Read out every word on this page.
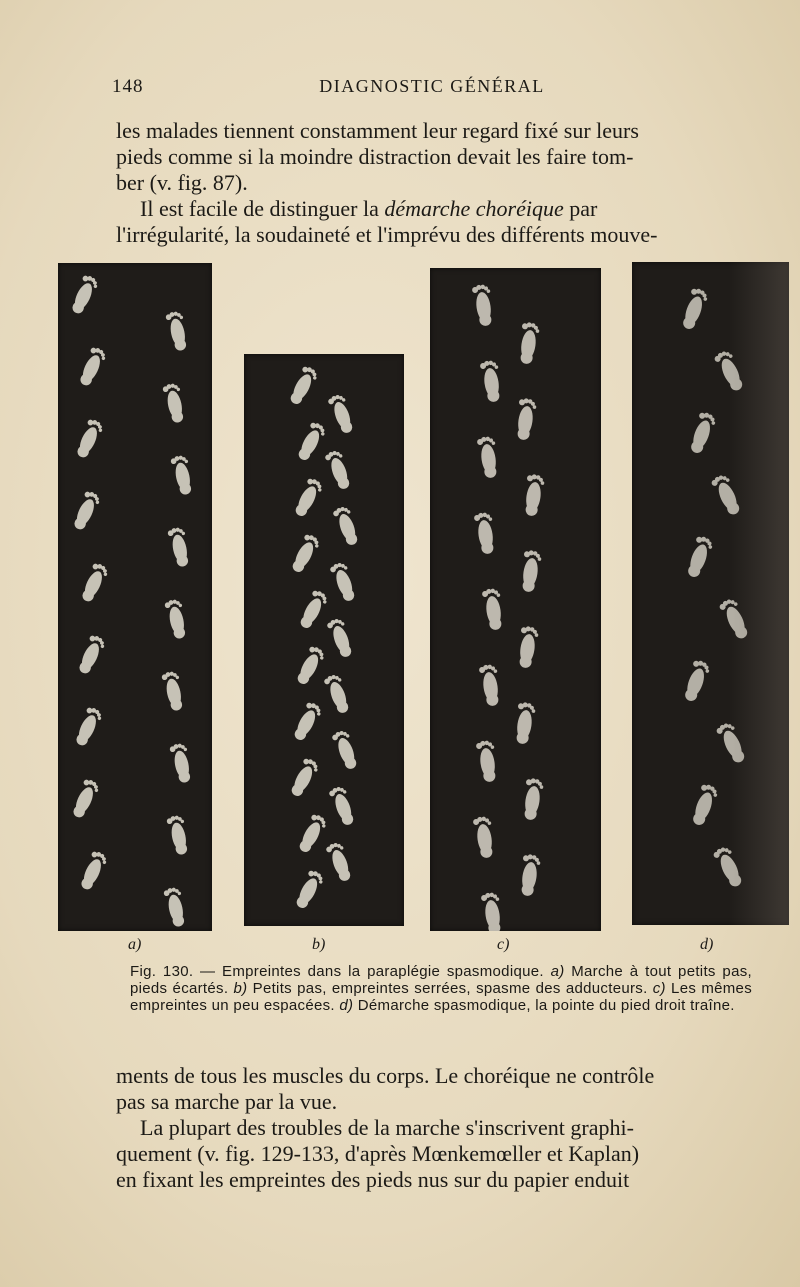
148	DIAGNOSTIC GÉNÉRAL

les malades tiennent constamment leur regard fixé sur leurs

pieds comme si la moindre distraction devait les faire tom-

ber (v. fig. 87).

Il est facile de distinguer la démarche choréique par

l'irrégularité, la soudaineté et l'imprévu des différents mouve-

a)	b)	c)	d)
Fig. 130. — Empreintes dans la paraplégie spasmodique. a) Marche à tout petits pas, pieds écartés. b) Petits pas, empreintes serrées, spasme des adducteurs. c) Les mêmes empreintes un peu espacées. d) Démarche spasmodique, la pointe du pied droit traîne.

ments de tous les muscles du corps. Le choréique ne contrôle

pas sa marche par la vue.

La plupart des troubles de la marche s'inscrivent graphi-

quement (v. fig. 129-133, d'après Mœnkemœller et Kaplan)

en fixant les empreintes des pieds nus sur du papier enduit
